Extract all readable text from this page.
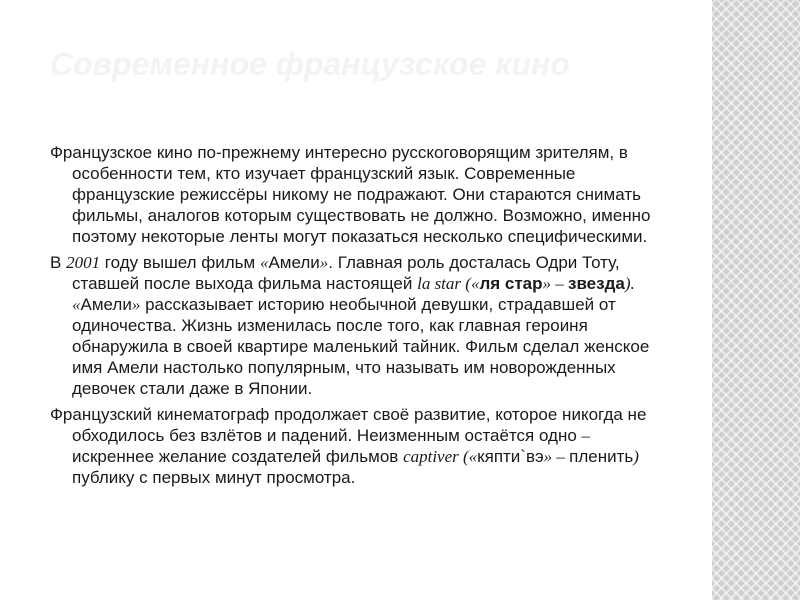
Современное французское кино

Французское кино по-прежнему интересно русскоговорящим зрителям, в особенности тем, кто изучает французский язык. Современные французские режиссёры никому не подражают. Они стараются снимать фильмы, аналогов которым существовать не должно. Возможно, именно поэтому некоторые ленты могут показаться несколько специфическими.

В 2001 году вышел фильм «Амели». Главная роль досталась Одри Тоту, ставшей после выхода фильма настоящей la star («ля стар» – звезда). «Амели» рассказывает историю необычной девушки, страдавшей от одиночества. Жизнь изменилась после того, как главная героиня обнаружила в своей квартире маленький тайник. Фильм сделал женское имя Амели настолько популярным, что называть им новорожденных девочек стали даже в Японии.

Французский кинематограф продолжает своё развитие, которое никогда не обходилось без взлётов и падений. Неизменным остаётся одно – искреннее желание создателей фильмов captiver («кяпти`вэ» – пленить) публику с первых минут просмотра.
